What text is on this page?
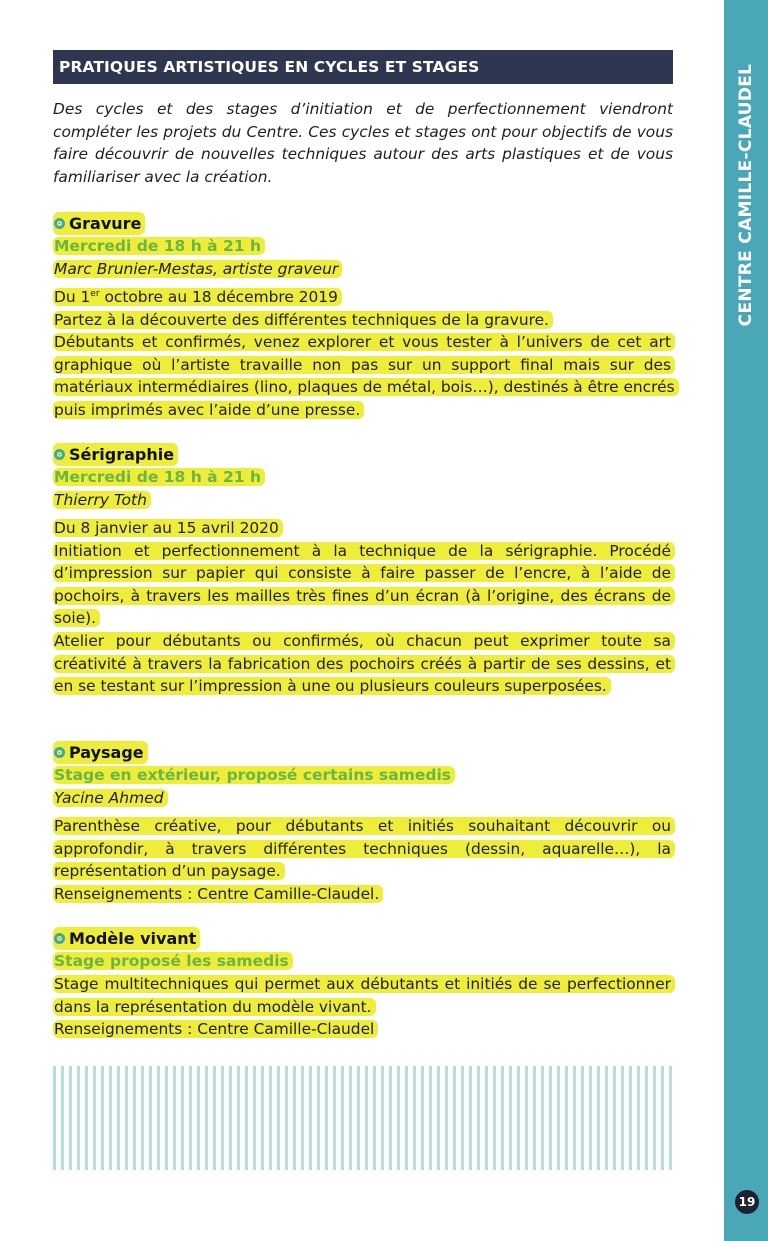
CENTRE CAMILLE-CLAUDEL
19
PRATIQUES ARTISTIQUES EN CYCLES ET STAGES

Des cycles et des stages d’initiation et de perfectionnement viendront compléter les projets du Centre. Ces cycles et stages ont pour objectifs de vous faire découvrir de nouvelles techniques autour des arts plastiques et de vous familiariser avec la création.

Gravure
Mercredi de 18 h à 21 h
Marc Brunier-Mestas, artiste graveur

Du 1er octobre au 18 décembre 2019

Partez à la découverte des différentes techniques de la gravure.

Débutants et confirmés, venez explorer et vous tester à l’univers de cet art graphique où l’artiste travaille non pas sur un support final mais sur des matériaux intermédiaires (lino, plaques de métal, bois…), destinés à être encrés puis imprimés avec l’aide d’une presse.

Sérigraphie
Mercredi de 18 h à 21 h
Thierry Toth

Du 8 janvier au 15 avril 2020

Initiation et perfectionnement à la technique de la sérigraphie. Procédé d’impression sur papier qui consiste à faire passer de l’encre, à l’aide de pochoirs, à travers les mailles très fines d’un écran (à l’origine, des écrans de soie).

Atelier pour débutants ou confirmés, où chacun peut exprimer toute sa créativité à travers la fabrication des pochoirs créés à partir de ses dessins, et en se testant sur l’impression à une ou plusieurs couleurs superposées.

Paysage
Stage en extérieur, proposé certains samedis
Yacine Ahmed

Parenthèse créative, pour débutants et initiés souhaitant découvrir ou approfondir, à travers différentes techniques (dessin, aquarelle…), la représentation d’un paysage.

Renseignements : Centre Camille-Claudel.

Modèle vivant
Stage proposé les samedis

Stage multitechniques qui permet aux débutants et initiés de se perfectionner dans la représentation du modèle vivant.

Renseignements : Centre Camille-Claudel
